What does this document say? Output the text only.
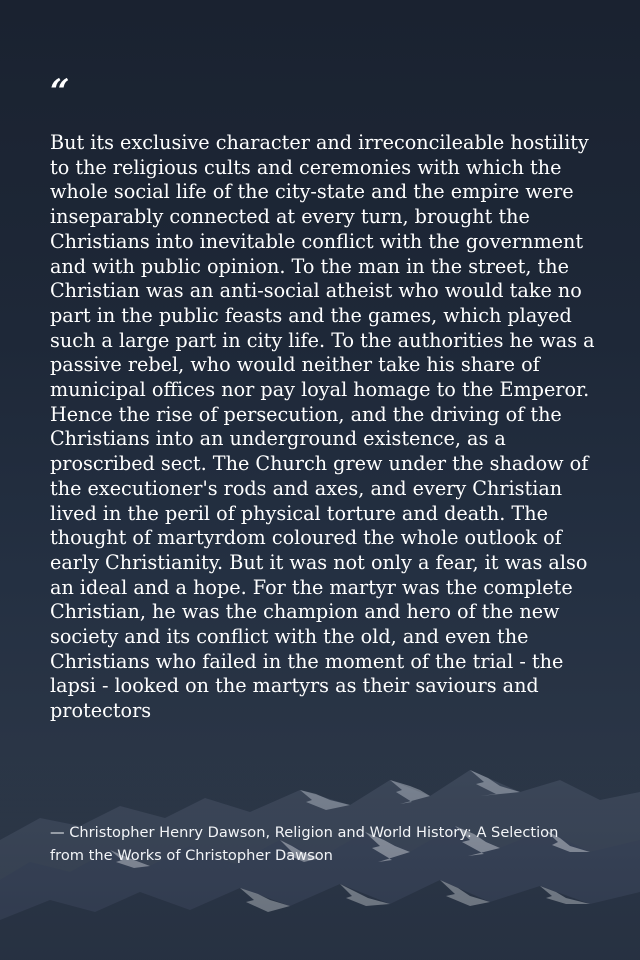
“

But its exclusive character and irreconcileable hostility to the religious cults and ceremonies with which the whole social life of the city-state and the empire were inseparably connected at every turn, brought the Christians into inevitable conflict with the government and with public opinion. To the man in the street, the Christian was an anti-social atheist who would take no part in the public feasts and the games, which played such a large part in city life. To the authorities he was a passive rebel, who would neither take his share of municipal offices nor pay loyal homage to the Emperor. Hence the rise of persecution, and the driving of the Christians into an underground existence, as a proscribed sect. The Church grew under the shadow of the executioner's rods and axes, and every Christian lived in the peril of physical torture and death. The thought of martyrdom coloured the whole outlook of early Christianity. But it was not only a fear, it was also an ideal and a hope. For the martyr was the complete Christian, he was the champion and hero of the new society and its conflict with the old, and even the Christians who failed in the moment of the trial - the lapsi - looked on the martyrs as their saviours and protectors

— Christopher Henry Dawson, Religion and World History: A Selection from the Works of Christopher Dawson
